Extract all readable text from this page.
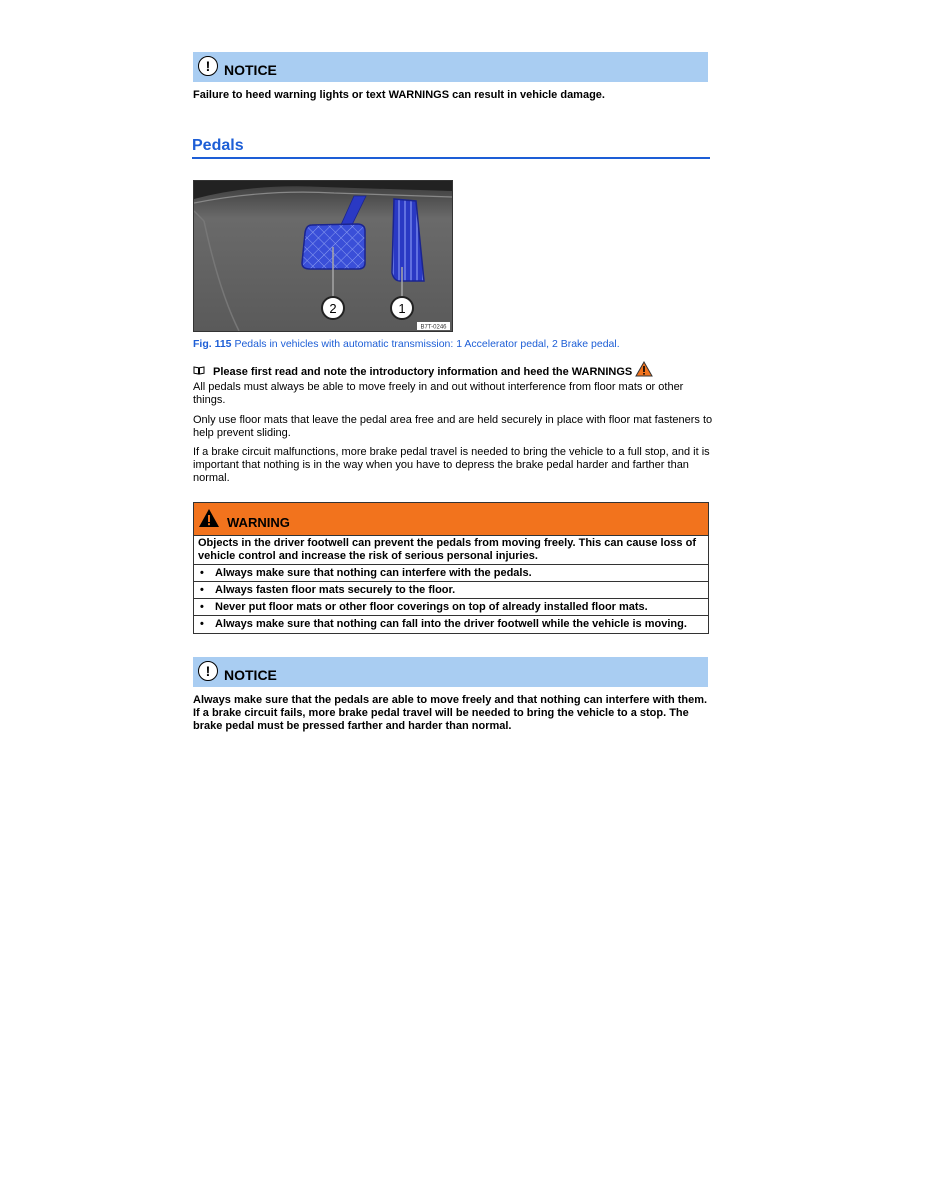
! NOTICE
Failure to heed warning lights or text WARNINGS can result in vehicle damage.
Pedals
2	1
B7T-0246
Fig. 115 Pedals in vehicles with automatic transmission: 1 Accelerator pedal, 2 Brake pedal.
Please first read and note the introductory information and heed the WARNINGS
All pedals must always be able to move freely in and out without interference from floor mats or other things.
Only use floor mats that leave the pedal area free and are held securely in place with floor mat fasteners to help prevent sliding.
If a brake circuit malfunctions, more brake pedal travel is needed to bring the vehicle to a full stop, and it is important that nothing is in the way when you have to depress the brake pedal harder and farther than normal.
WARNING
Objects in the driver footwell can prevent the pedals from moving freely. This can cause loss of vehicle control and increase the risk of serious personal injuries.
• Always make sure that nothing can interfere with the pedals.
• Always fasten floor mats securely to the floor.
• Never put floor mats or other floor coverings on top of already installed floor mats.
• Always make sure that nothing can fall into the driver footwell while the vehicle is moving.
! NOTICE
Always make sure that the pedals are able to move freely and that nothing can interfere with them. If a brake circuit fails, more brake pedal travel will be needed to bring the vehicle to a stop. The brake pedal must be pressed farther and harder than normal.
